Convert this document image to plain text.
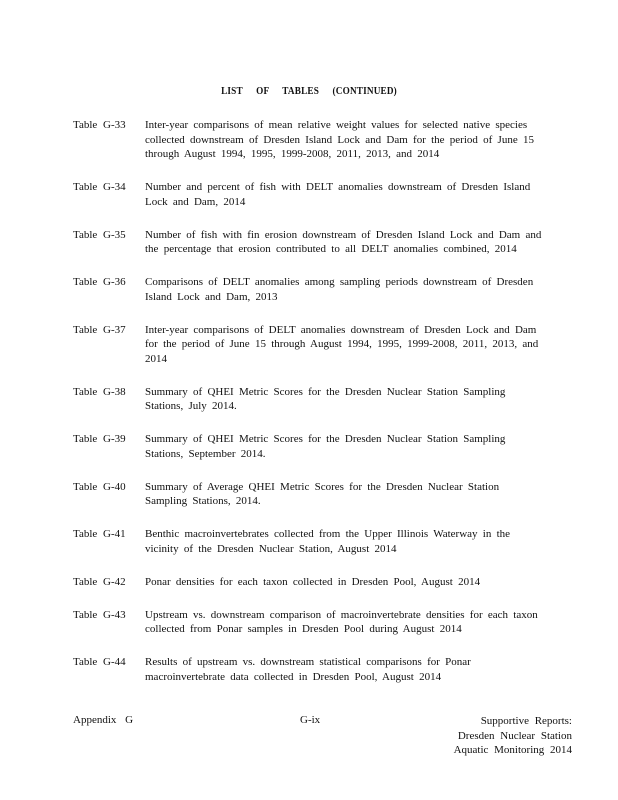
LIST OF TABLES (CONTINUED)
Table G-33	Inter-year comparisons of mean relative weight values for selected native species collected downstream of Dresden Island Lock and Dam for the period of June 15 through August 1994, 1995, 1999-2008, 2011, 2013, and 2014
Table G-34	Number and percent of fish with DELT anomalies downstream of Dresden Island Lock and Dam, 2014
Table G-35	Number of fish with fin erosion downstream of Dresden Island Lock and Dam and the percentage that erosion contributed to all DELT anomalies combined, 2014
Table G-36	Comparisons of DELT anomalies among sampling periods downstream of Dresden Island Lock and Dam, 2013
Table G-37	Inter-year comparisons of DELT anomalies downstream of Dresden Lock and Dam for the period of June 15 through August 1994, 1995, 1999-2008, 2011, 2013, and 2014
Table G-38	Summary of QHEI Metric Scores for the Dresden Nuclear Station Sampling Stations, July 2014.
Table G-39	Summary of QHEI Metric Scores for the Dresden Nuclear Station Sampling Stations, September 2014.
Table G-40	Summary of Average QHEI Metric Scores for the Dresden Nuclear Station Sampling Stations, 2014.
Table G-41	Benthic macroinvertebrates collected from the Upper Illinois Waterway in the vicinity of the Dresden Nuclear Station, August 2014
Table G-42	Ponar densities for each taxon collected in Dresden Pool, August 2014
Table G-43	Upstream vs. downstream comparison of macroinvertebrate densities for each taxon collected from Ponar samples in Dresden Pool during August 2014
Table G-44	Results of upstream vs. downstream statistical comparisons for Ponar macroinvertebrate data collected in Dresden Pool, August 2014
Appendix G	G-ix	Supportive Reports:
Dresden Nuclear Station
Aquatic Monitoring 2014
